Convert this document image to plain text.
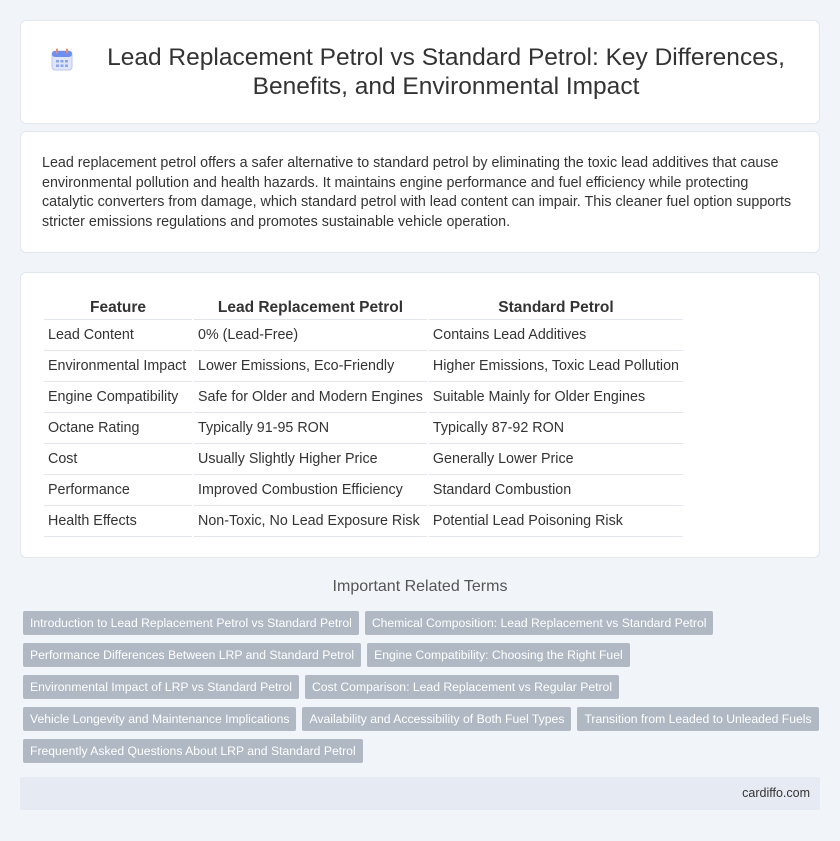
Lead Replacement Petrol vs Standard Petrol: Key Differences, Benefits, and Environmental Impact

Lead replacement petrol offers a safer alternative to standard petrol by eliminating the toxic lead additives that cause environmental pollution and health hazards. It maintains engine performance and fuel efficiency while protecting catalytic converters from damage, which standard petrol with lead content can impair. This cleaner fuel option supports stricter emissions regulations and promotes sustainable vehicle operation.

Feature	Lead Replacement Petrol	Standard Petrol
Lead Content	0% (Lead-Free)	Contains Lead Additives
Environmental Impact	Lower Emissions, Eco-Friendly	Higher Emissions, Toxic Lead Pollution
Engine Compatibility	Safe for Older and Modern Engines	Suitable Mainly for Older Engines
Octane Rating	Typically 91-95 RON	Typically 87-92 RON
Cost	Usually Slightly Higher Price	Generally Lower Price
Performance	Improved Combustion Efficiency	Standard Combustion
Health Effects	Non-Toxic, No Lead Exposure Risk	Potential Lead Poisoning Risk
Important Related Terms
Introduction to Lead Replacement Petrol vs Standard Petrol	Chemical Composition: Lead Replacement vs Standard Petrol
Performance Differences Between LRP and Standard Petrol	Engine Compatibility: Choosing the Right Fuel
Environmental Impact of LRP vs Standard Petrol	Cost Comparison: Lead Replacement vs Regular Petrol
Vehicle Longevity and Maintenance Implications	Availability and Accessibility of Both Fuel Types	Transition from Leaded to Unleaded Fuels
Frequently Asked Questions About LRP and Standard Petrol
cardiffo.com
